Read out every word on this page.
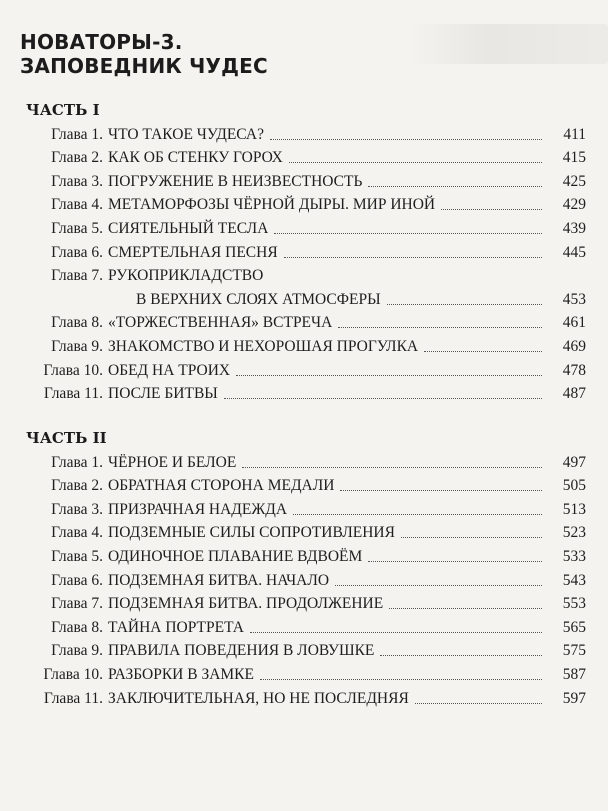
НОВАТОРЫ-3.
ЗАПОВЕДНИК ЧУДЕС
ЧАСТЬ I
Глава 1. ЧТО ТАКОЕ ЧУДЕСА?	411
Глава 2. КАК ОБ СТЕНКУ ГОРОХ	415
Глава 3. ПОГРУЖЕНИЕ В НЕИЗВЕСТНОСТЬ	425
Глава 4. МЕТАМОРФОЗЫ ЧЁРНОЙ ДЫРЫ. МИР ИНОЙ	429
Глава 5. СИЯТЕЛЬНЫЙ ТЕСЛА	439
Глава 6. СМЕРТЕЛЬНАЯ ПЕСНЯ	445
Глава 7. РУКОПРИКЛАДСТВО
В ВЕРХНИХ СЛОЯХ АТМОСФЕРЫ	453
Глава 8. «ТОРЖЕСТВЕННАЯ» ВСТРЕЧА	461
Глава 9. ЗНАКОМСТВО И НЕХОРОШАЯ ПРОГУЛКА	469
Глава 10. ОБЕД НА ТРОИХ	478
Глава 11. ПОСЛЕ БИТВЫ	487
ЧАСТЬ II
Глава 1. ЧЁРНОЕ И БЕЛОЕ	497
Глава 2. ОБРАТНАЯ СТОРОНА МЕДАЛИ	505
Глава 3. ПРИЗРАЧНАЯ НАДЕЖДА	513
Глава 4. ПОДЗЕМНЫЕ СИЛЫ СОПРОТИВЛЕНИЯ	523
Глава 5. ОДИНОЧНОЕ ПЛАВАНИЕ ВДВОЁМ	533
Глава 6. ПОДЗЕМНАЯ БИТВА. НАЧАЛО	543
Глава 7. ПОДЗЕМНАЯ БИТВА. ПРОДОЛЖЕНИЕ	553
Глава 8. ТАЙНА ПОРТРЕТА	565
Глава 9. ПРАВИЛА ПОВЕДЕНИЯ В ЛОВУШКЕ	575
Глава 10. РАЗБОРКИ В ЗАМКЕ	587
Глава 11. ЗАКЛЮЧИТЕЛЬНАЯ, НО НЕ ПОСЛЕДНЯЯ	597
